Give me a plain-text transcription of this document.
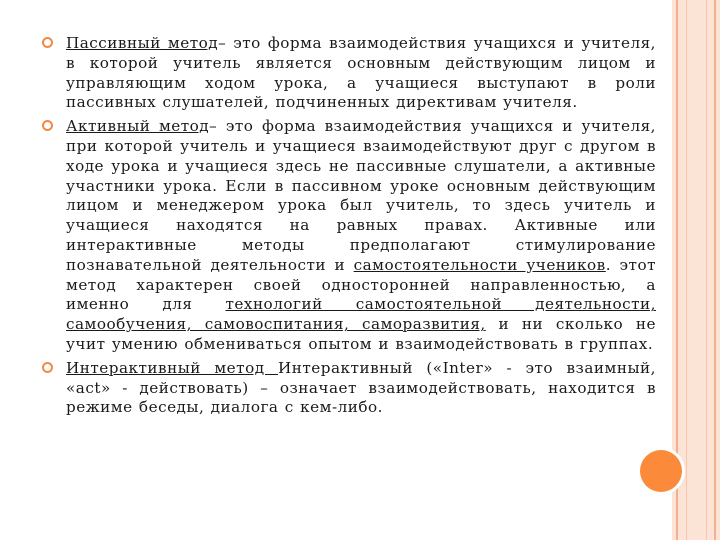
Пассивный метод– это форма взаимодействия учащихся и учителя, в которой учитель является основным действующим лицом и управляющим ходом урока, а учащиеся выступают в роли пассивных слушателей, подчиненных директивам учителя.

Активный метод– это форма взаимодействия учащихся и учителя, при которой учитель и учащиеся взаимодействуют друг с другом в ходе урока и учащиеся здесь не пассивные слушатели, а активные участники урока. Если в пассивном уроке основным действующим лицом и менеджером урока был учитель, то здесь учитель и учащиеся находятся на равных правах. Активные или интерактивные методы предполагают стимулирование познавательной деятельности и самостоятельности учеников. этот метод характерен своей односторонней направленностью, а именно для технологий самостоятельной деятельности, самообучения, самовоспитания, саморазвития, и ни сколько не учит умению обмениваться опытом и взаимодействовать в группах.

Интерактивный метод Интерактивный («Inter» - это взаимный, «act» - действовать) – означает взаимодействовать, находится в режиме беседы, диалога с кем-либо.
